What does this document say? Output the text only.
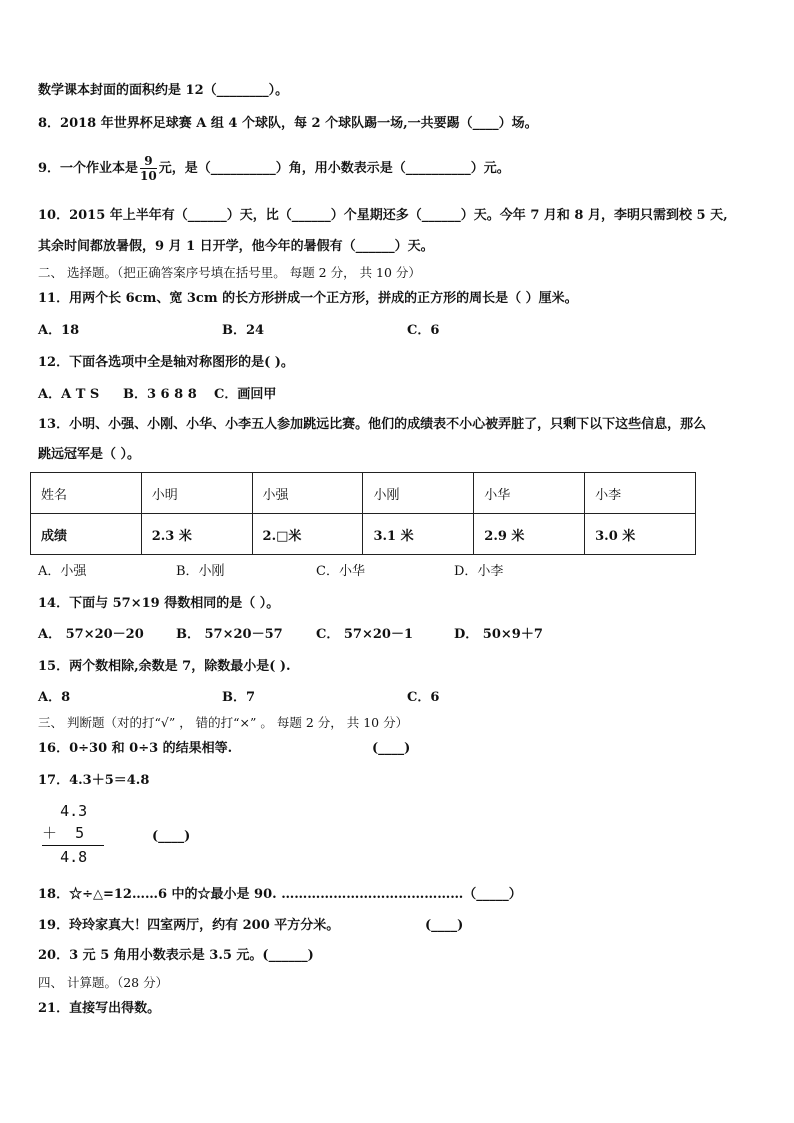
数学课本封面的面积约是 12（________）。
8．2018 年世界杯足球赛 A 组 4 个球队，每 2 个球队踢一场,一共要踢（____）场。
9．一个作业本是 $\frac{9}{10}$ 元，是（__________）角，用小数表示是（__________）元。
10．2015 年上半年有（______）天，比（______）个星期还多（______）天。今年 7 月和 8 月，李明只需到校 5 天,
其余时间都放暑假，9 月 1 日开学，他今年的暑假有（______）天。
二、 选择题。（把正确答案序号填在括号里。 每题 2 分， 共 10 分）
11．用两个长 6cm、宽 3cm 的长方形拼成一个正方形，拼成的正方形的周长是（ ）厘米。
A．18	B．24	C．6
12．下面各选项中全是轴对称图形的是( )。
A．A T S B．3 6 8 8 C．画回甲
13．小明、小强、小刚、小华、小李五人参加跳远比赛。他们的成绩表不小心被弄脏了，只剩下以下这些信息，那么
跳远冠军是（ ）。
姓名	小明	小强	小刚	小华	小李
成绩	2.3 米	2.□米	3.1 米	2.9 米	3.0 米
A．小强	B．小刚	C．小华	D．小李
14．下面与 57×19 得数相同的是（ ）。
A． 57×20－20 B． 57×20－57	C． 57×20－1	D． 50×9＋7
15．两个数相除,余数是 7，除数最小是( ).
A．8	B．7	C．6
三、 判断题（对的打“√” ， 错的打“×” 。 每题 2 分， 共 10 分）
16．0÷30 和 0÷3 的结果相等.	(____)
17．4.3＋5＝4.8
4.3
＋ 5
4.8
(____)
18．☆÷△=12……6 中的☆最小是 90. ……………………………………（_____）
19．玲玲家真大！四室两厅，约有 200 平方分米。	(____)
20．3 元 5 角用小数表示是 3.5 元。(______)
四、 计算题。（28 分）
21．直接写出得数。
